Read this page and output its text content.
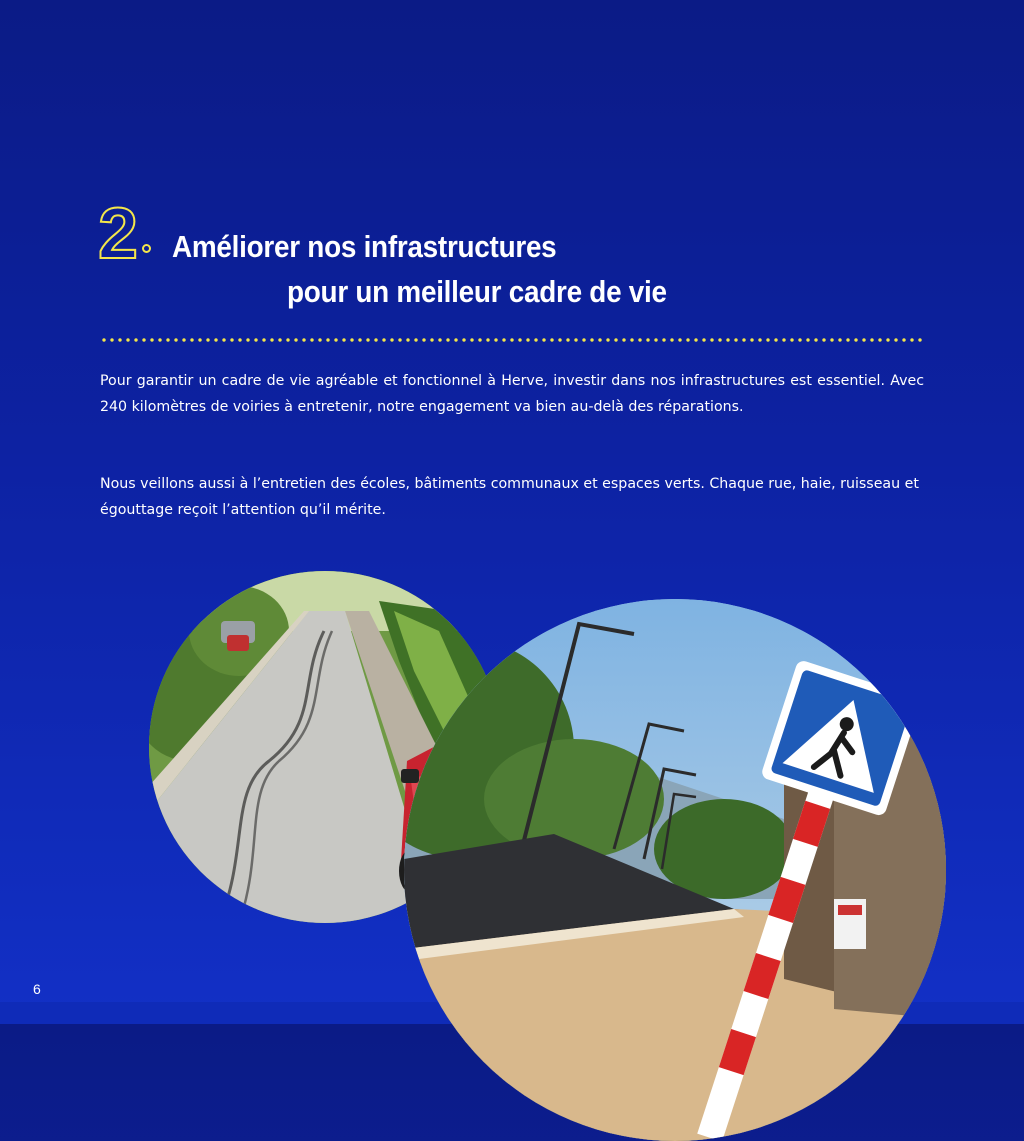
2 Améliorer nos infrastructures
pour un meilleur cadre de vie

Pour garantir un cadre de vie agréable et fonctionnel à Herve, investir dans nos infrastructures est essentiel. Avec 240 kilomètres de voiries à entretenir, notre engagement va bien au-delà des réparations.

Nous veillons aussi à l’entretien des écoles, bâtiments communaux et espaces verts. Chaque rue, haie, ruisseau et égouttage reçoit l’attention qu’il mérite.

6
